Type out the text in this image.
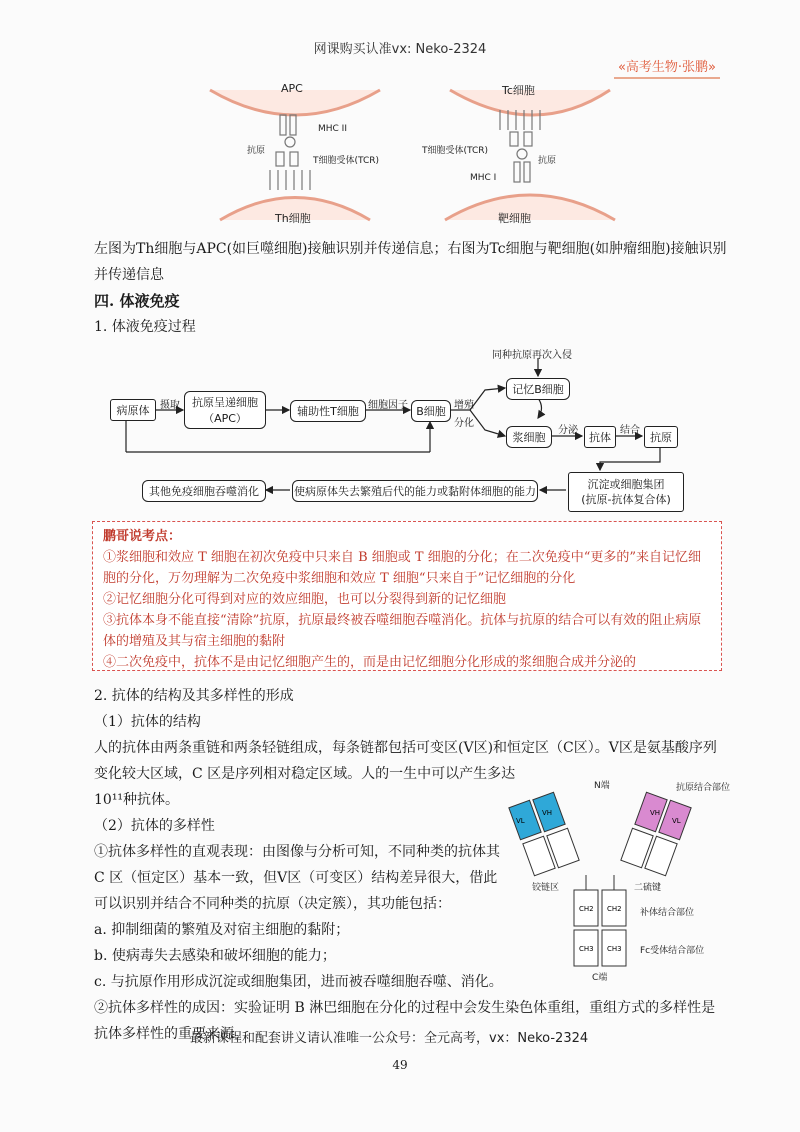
网课购买认准vx: Neko-2324
«高考生物·张鹏»
APC
Th细胞
MHC II
抗原
T细胞受体(TCR)
Tc细胞
靶细胞
T细胞受体(TCR)
抗原
MHC I
左图为Th细胞与APC(如巨噬细胞)接触识别并传递信息；右图为Tc细胞与靶细胞(如肿瘤细胞)接触识别并传递信息
四. 体液免疫
1. 体液免疫过程
病原体	摄取	抗原呈递细胞（APC）
辅助性T细胞 细胞因子 B细胞 增殖
分化
同种抗原再次入侵
记忆B细胞
浆细胞
分泌
抗体
结合
抗原
沉淀或细胞集团
(抗原-抗体复合体)
使病原体失去繁殖后代的能力或黏附体细胞的能力
其他免疫细胞吞噬消化
鹏哥说考点：
①浆细胞和效应 T 细胞在初次免疫中只来自 B 细胞或 T 细胞的分化；在二次免疫中“更多的”来自记忆细胞的分化，万勿理解为二次免疫中浆细胞和效应 T 细胞“只来自于”记忆细胞的分化
②记忆细胞分化可得到对应的效应细胞，也可以分裂得到新的记忆细胞
③抗体本身不能直接“清除”抗原，抗原最终被吞噬细胞吞噬消化。抗体与抗原的结合可以有效的阻止病原体的增殖及其与宿主细胞的黏附
④二次免疫中，抗体不是由记忆细胞产生的，而是由记忆细胞分化形成的浆细胞合成并分泌的
2. 抗体的结构及其多样性的形成
（1）抗体的结构
人的抗体由两条重链和两条轻链组成，每条链都包括可变区(V区)和恒定区（C区）。V区是氨基酸序列变化较大区域，C 区是序列相对稳定区域。人的一生中可以产生多达
10¹¹种抗体。
（2）抗体的多样性
①抗体多样性的直观表现：由图像与分析可知，不同种类的抗体其 C 区（恒定区）基本一致，但V区（可变区）结构差异很大，借此可以识别并结合不同种类的抗原（决定簇），其功能包括：
a. 抑制细菌的繁殖及对宿主细胞的黏附；
b. 使病毒失去感染和破坏细胞的能力；
c. 与抗原作用形成沉淀或细胞集团，进而被吞噬细胞吞噬、消化。
②抗体多样性的成因：实验证明 B 淋巴细胞在分化的过程中会发生染色体重组，重组方式的多样性是抗体多样性的重要来源。
VL
VH	VH
VL
CH2 CH2
CH3 CH3
N端	抗原结合部位
铰链区	二硫键
补体结合部位
Fc受体结合部位
C端
最新课程和配套讲义请认准唯一公众号：全元高考，vx：Neko-2324
49
